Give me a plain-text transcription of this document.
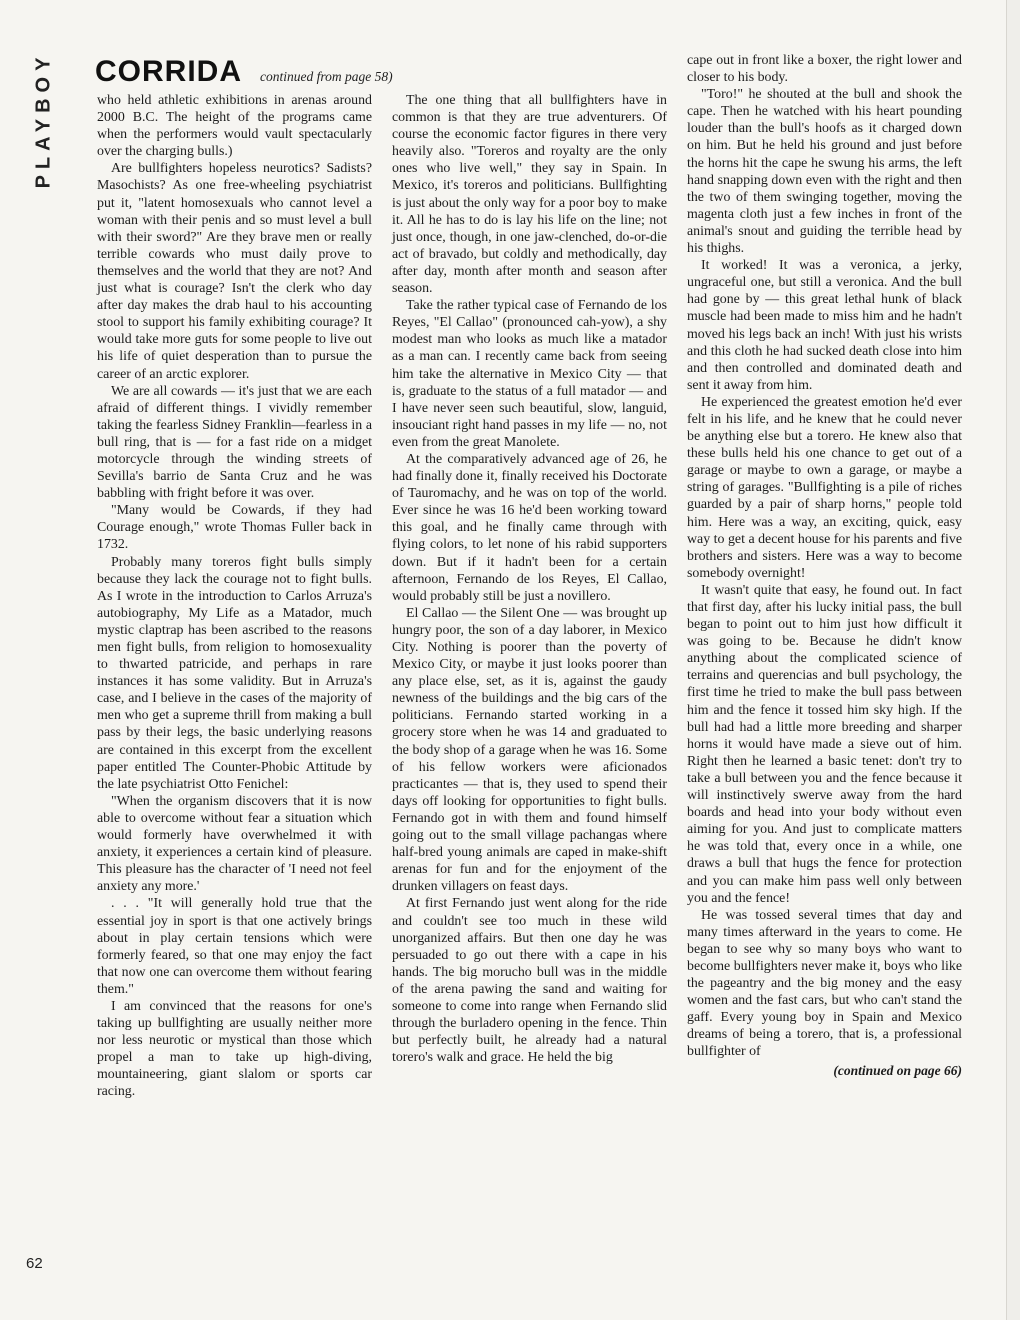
PLAYBOY CORRIDA continued from page 58)

who held athletic exhibitions in arenas around 2000 B.C. The height of the programs came when the performers would vault spectacularly over the charging bulls.)

Are bullfighters hopeless neurotics? Sadists? Masochists? As one free-wheeling psychiatrist put it, "latent homosexuals who cannot level a woman with their penis and so must level a bull with their sword?" Are they brave men or really terrible cowards who must daily prove to themselves and the world that they are not? And just what is courage? Isn't the clerk who day after day makes the drab haul to his accounting stool to support his family exhibiting courage? It would take more guts for some people to live out his life of quiet desperation than to pursue the career of an arctic explorer.

We are all cowards — it's just that we are each afraid of different things. I vividly remember taking the fearless Sidney Franklin—fearless in a bull ring, that is — for a fast ride on a midget motorcycle through the winding streets of Sevilla's barrio de Santa Cruz and he was babbling with fright before it was over.

"Many would be Cowards, if they had Courage enough," wrote Thomas Fuller back in 1732.

Probably many toreros fight bulls simply because they lack the courage not to fight bulls. As I wrote in the introduction to Carlos Arruza's autobiography, My Life as a Matador, much mystic claptrap has been ascribed to the reasons men fight bulls, from religion to homosexuality to thwarted patricide, and perhaps in rare instances it has some validity. But in Arruza's case, and I believe in the cases of the majority of men who get a supreme thrill from making a bull pass by their legs, the basic underlying reasons are contained in this excerpt from the excellent paper entitled The Counter-Phobic Attitude by the late psychiatrist Otto Fenichel:

"When the organism discovers that it is now able to overcome without fear a situation which would formerly have overwhelmed it with anxiety, it experiences a certain kind of pleasure. This pleasure has the character of 'I need not feel anxiety any more.'

. . . "It will generally hold true that the essential joy in sport is that one actively brings about in play certain tensions which were formerly feared, so that one may enjoy the fact that now one can overcome them without fearing them."

I am convinced that the reasons for one's taking up bullfighting are usually neither more nor less neurotic or mystical than those which propel a man to take up high-diving, mountaineering, giant slalom or sports car racing.

The one thing that all bullfighters have in common is that they are true adventurers. Of course the economic factor figures in there very heavily also. "Toreros and royalty are the only ones who live well," they say in Spain. In Mexico, it's toreros and politicians. Bullfighting is just about the only way for a poor boy to make it. All he has to do is lay his life on the line; not just once, though, in one jaw-clenched, do-or-die act of bravado, but coldly and methodically, day after day, month after month and season after season.

Take the rather typical case of Fernando de los Reyes, "El Callao" (pronounced cah-yow), a shy modest man who looks as much like a matador as a man can. I recently came back from seeing him take the alternative in Mexico City — that is, graduate to the status of a full matador — and I have never seen such beautiful, slow, languid, insouciant right hand passes in my life — no, not even from the great Manolete.

At the comparatively advanced age of 26, he had finally done it, finally received his Doctorate of Tauromachy, and he was on top of the world. Ever since he was 16 he'd been working toward this goal, and he finally came through with flying colors, to let none of his rabid supporters down. But if it hadn't been for a certain afternoon, Fernando de los Reyes, El Callao, would probably still be just a novillero.

El Callao — the Silent One — was brought up hungry poor, the son of a day laborer, in Mexico City. Nothing is poorer than the poverty of Mexico City, or maybe it just looks poorer than any place else, set, as it is, against the gaudy newness of the buildings and the big cars of the politicians. Fernando started working in a grocery store when he was 14 and graduated to the body shop of a garage when he was 16. Some of his fellow workers were aficionados practicantes — that is, they used to spend their days off looking for opportunities to fight bulls. Fernando got in with them and found himself going out to the small village pachangas where half-bred young animals are caped in make-shift arenas for fun and for the enjoyment of the drunken villagers on feast days.

At first Fernando just went along for the ride and couldn't see too much in these wild unorganized affairs. But then one day he was persuaded to go out there with a cape in his hands. The big morucho bull was in the middle of the arena pawing the sand and waiting for someone to come into range when Fernando slid through the burladero opening in the fence. Thin but perfectly built, he already had a natural torero's walk and grace. He held the big

cape out in front like a boxer, the right lower and closer to his body.

"Toro!" he shouted at the bull and shook the cape. Then he watched with his heart pounding louder than the bull's hoofs as it charged down on him. But he held his ground and just before the horns hit the cape he swung his arms, the left hand snapping down even with the right and then the two of them swinging together, moving the magenta cloth just a few inches in front of the animal's snout and guiding the terrible head by his thighs.

It worked! It was a veronica, a jerky, ungraceful one, but still a veronica. And the bull had gone by — this great lethal hunk of black muscle had been made to miss him and he hadn't moved his legs back an inch! With just his wrists and this cloth he had sucked death close into him and then controlled and dominated death and sent it away from him.

He experienced the greatest emotion he'd ever felt in his life, and he knew that he could never be anything else but a torero. He knew also that these bulls held his one chance to get out of a garage or maybe to own a garage, or maybe a string of garages. "Bullfighting is a pile of riches guarded by a pair of sharp horns," people told him. Here was a way, an exciting, quick, easy way to get a decent house for his parents and five brothers and sisters. Here was a way to become somebody overnight!

It wasn't quite that easy, he found out. In fact that first day, after his lucky initial pass, the bull began to point out to him just how difficult it was going to be. Because he didn't know anything about the complicated science of terrains and querencias and bull psychology, the first time he tried to make the bull pass between him and the fence it tossed him sky high. If the bull had had a little more breeding and sharper horns it would have made a sieve out of him. Right then he learned a basic tenet: don't try to take a bull between you and the fence because it will instinctively swerve away from the hard boards and head into your body without even aiming for you. And just to complicate matters he was told that, every once in a while, one draws a bull that hugs the fence for protection and you can make him pass well only between you and the fence!

He was tossed several times that day and many times afterward in the years to come. He began to see why so many boys who want to become bullfighters never make it, boys who like the pageantry and the big money and the easy women and the fast cars, but who can't stand the gaff. Every young boy in Spain and Mexico dreams of being a torero, that is, a professional bullfighter of

(continued on page 66)
62
